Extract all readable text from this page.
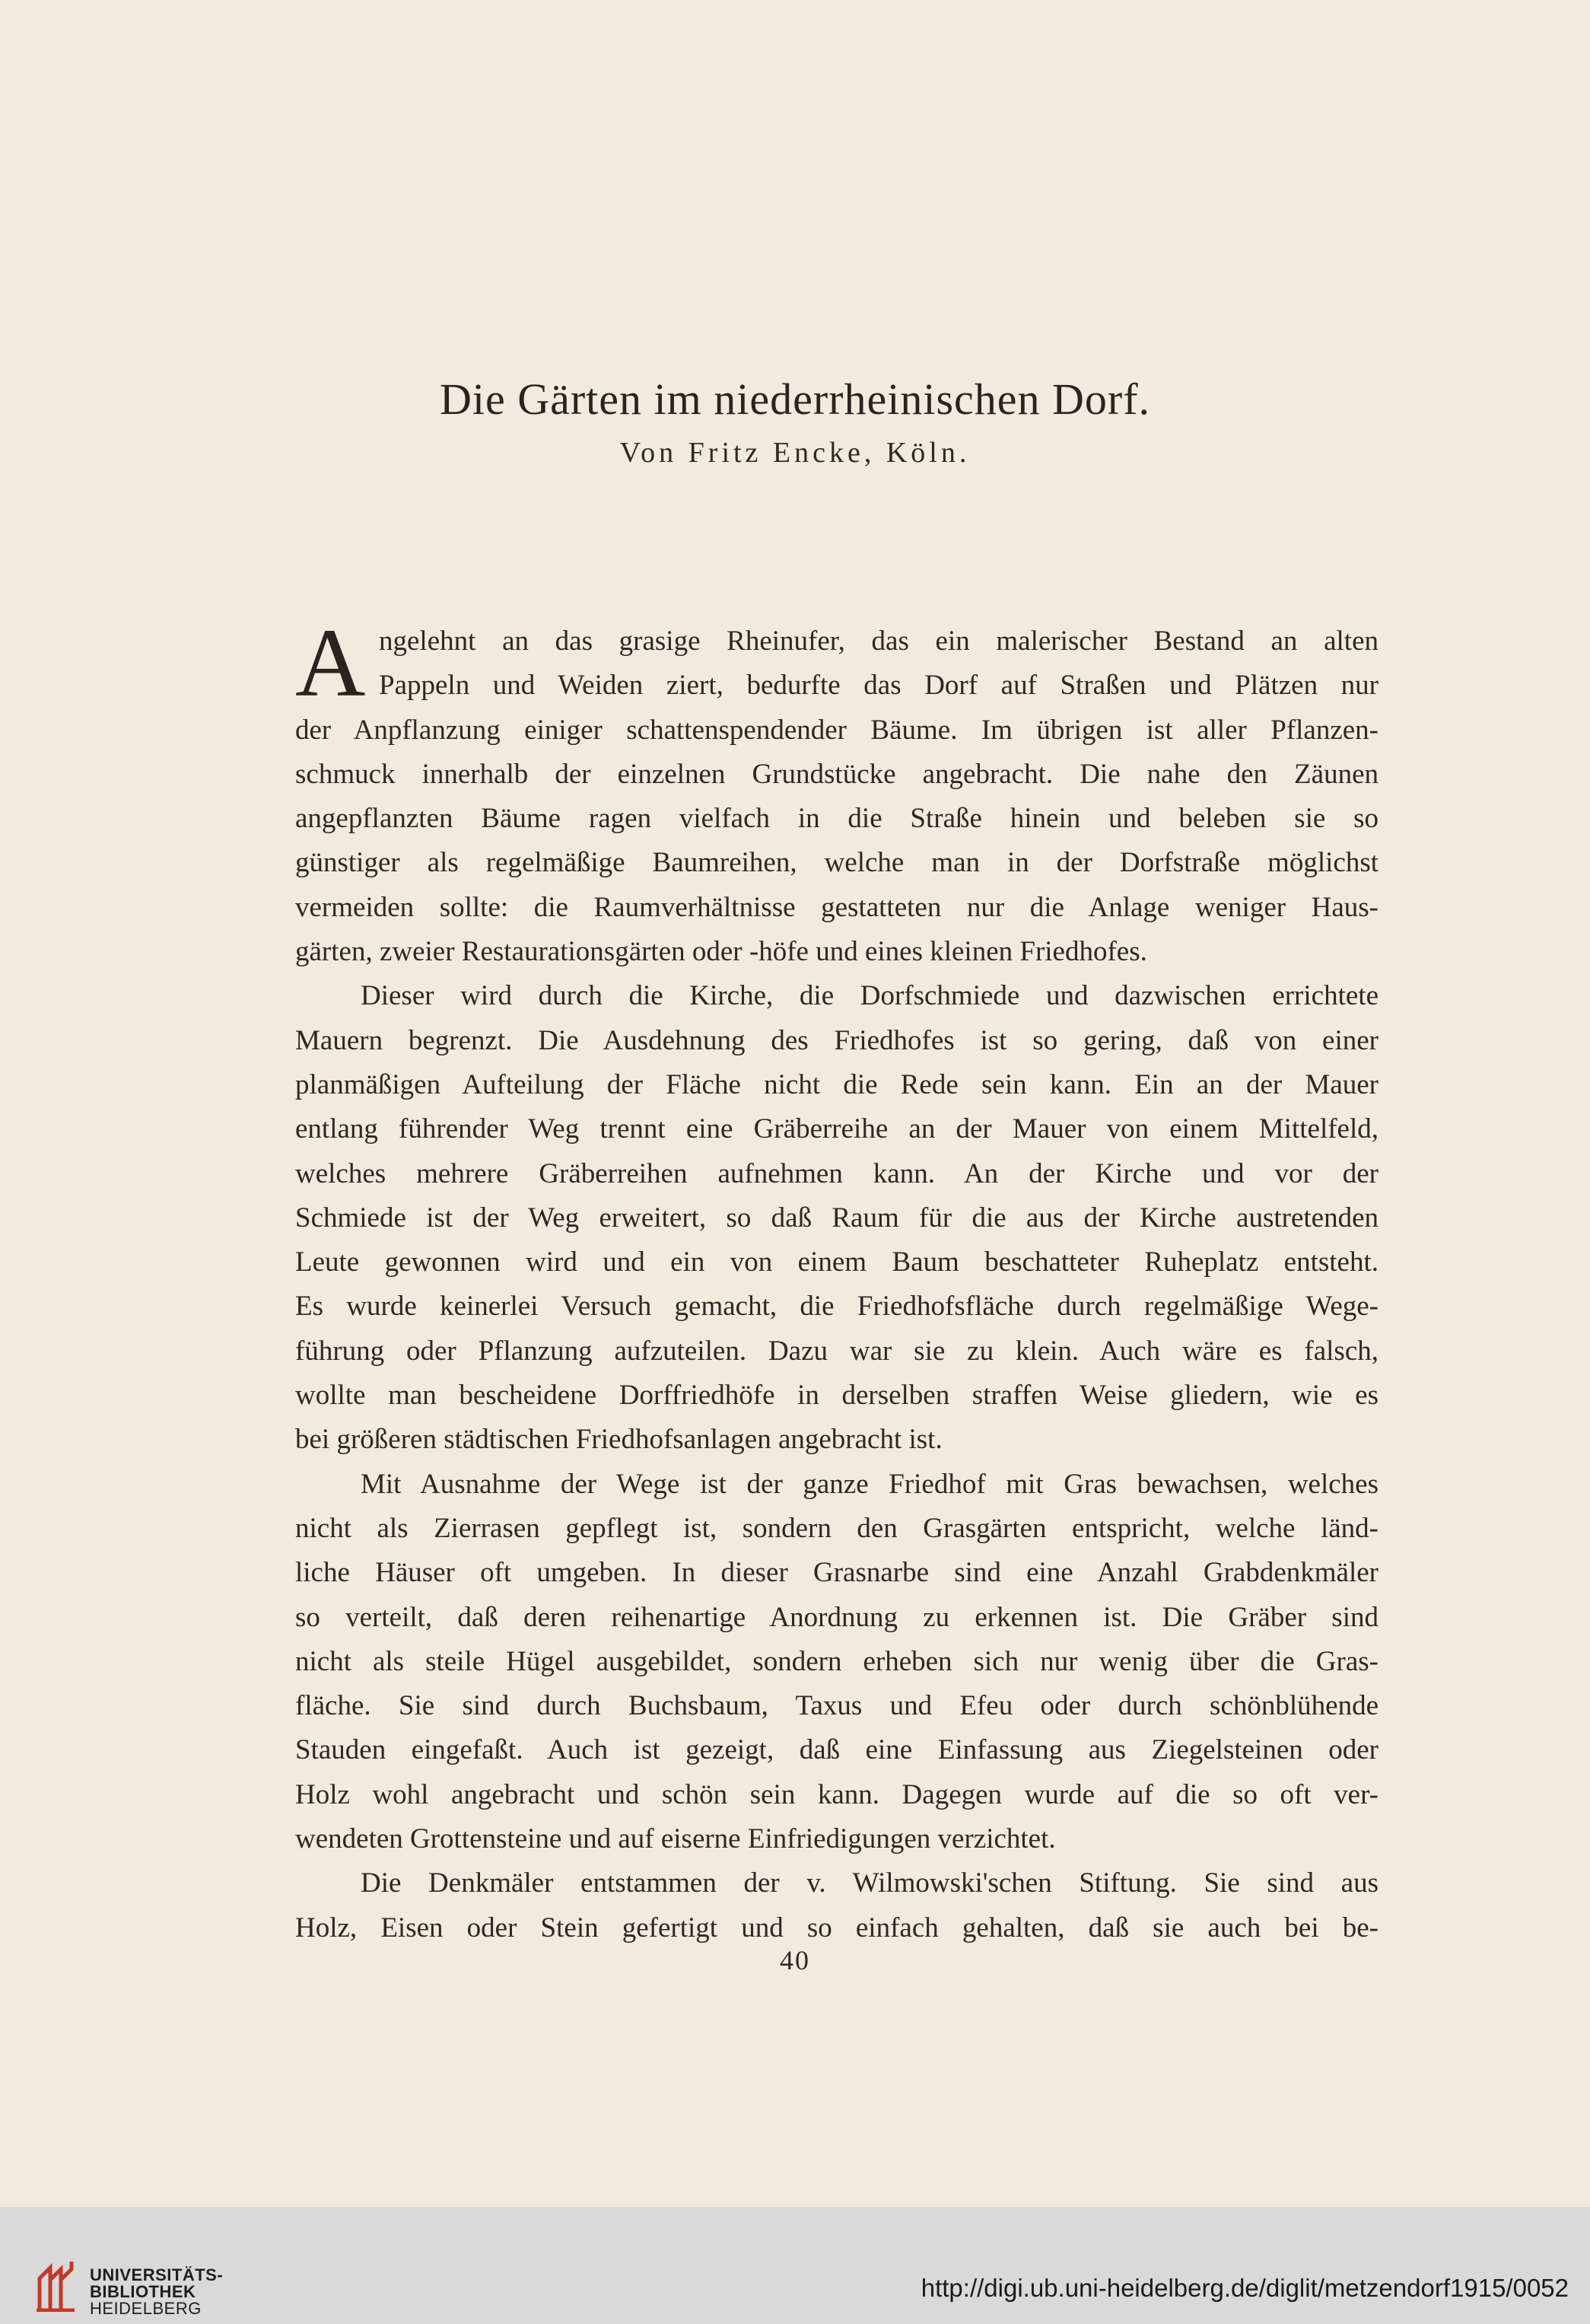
Die Gärten im niederrheinischen Dorf.
Von Fritz Encke, Köln.
A ngelehnt an das grasige Rheinufer, das ein malerischer Bestand an alten
Pappeln und Weiden ziert, bedurfte das Dorf auf Straßen und Plätzen nur
der Anpflanzung einiger schattenspendender Bäume. Im übrigen ist aller Pflanzen-
schmuck innerhalb der einzelnen Grundstücke angebracht. Die nahe den Zäunen
angepflanzten Bäume ragen vielfach in die Straße hinein und beleben sie so
günstiger als regelmäßige Baumreihen, welche man in der Dorfstraße möglichst
vermeiden sollte: die Raumverhältnisse gestatteten nur die Anlage weniger Haus-
gärten, zweier Restaurationsgärten oder -höfe und eines kleinen Friedhofes.
Dieser wird durch die Kirche, die Dorfschmiede und dazwischen errichtete
Mauern begrenzt. Die Ausdehnung des Friedhofes ist so gering, daß von einer
planmäßigen Aufteilung der Fläche nicht die Rede sein kann. Ein an der Mauer
entlang führender Weg trennt eine Gräberreihe an der Mauer von einem Mittelfeld,
welches mehrere Gräberreihen aufnehmen kann. An der Kirche und vor der
Schmiede ist der Weg erweitert, so daß Raum für die aus der Kirche austretenden
Leute gewonnen wird und ein von einem Baum beschatteter Ruheplatz entsteht.
Es wurde keinerlei Versuch gemacht, die Friedhofsfläche durch regelmäßige Wege-
führung oder Pflanzung aufzuteilen. Dazu war sie zu klein. Auch wäre es falsch,
wollte man bescheidene Dorffriedhöfe in derselben straffen Weise gliedern, wie es
bei größeren städtischen Friedhofsanlagen angebracht ist.
Mit Ausnahme der Wege ist der ganze Friedhof mit Gras bewachsen, welches
nicht als Zierrasen gepflegt ist, sondern den Grasgärten entspricht, welche länd-
liche Häuser oft umgeben. In dieser Grasnarbe sind eine Anzahl Grabdenkmäler
so verteilt, daß deren reihenartige Anordnung zu erkennen ist. Die Gräber sind
nicht als steile Hügel ausgebildet, sondern erheben sich nur wenig über die Gras-
fläche. Sie sind durch Buchsbaum, Taxus und Efeu oder durch schönblühende
Stauden eingefaßt. Auch ist gezeigt, daß eine Einfassung aus Ziegelsteinen oder
Holz wohl angebracht und schön sein kann. Dagegen wurde auf die so oft ver-
wendeten Grottensteine und auf eiserne Einfriedigungen verzichtet.
Die Denkmäler entstammen der v. Wilmowski'schen Stiftung. Sie sind aus
Holz, Eisen oder Stein gefertigt und so einfach gehalten, daß sie auch bei be-
40
UNIVERSITÄTS-
BIBLIOTHEK
HEIDELBERG
http://digi.ub.uni-heidelberg.de/diglit/metzendorf1915/0052
